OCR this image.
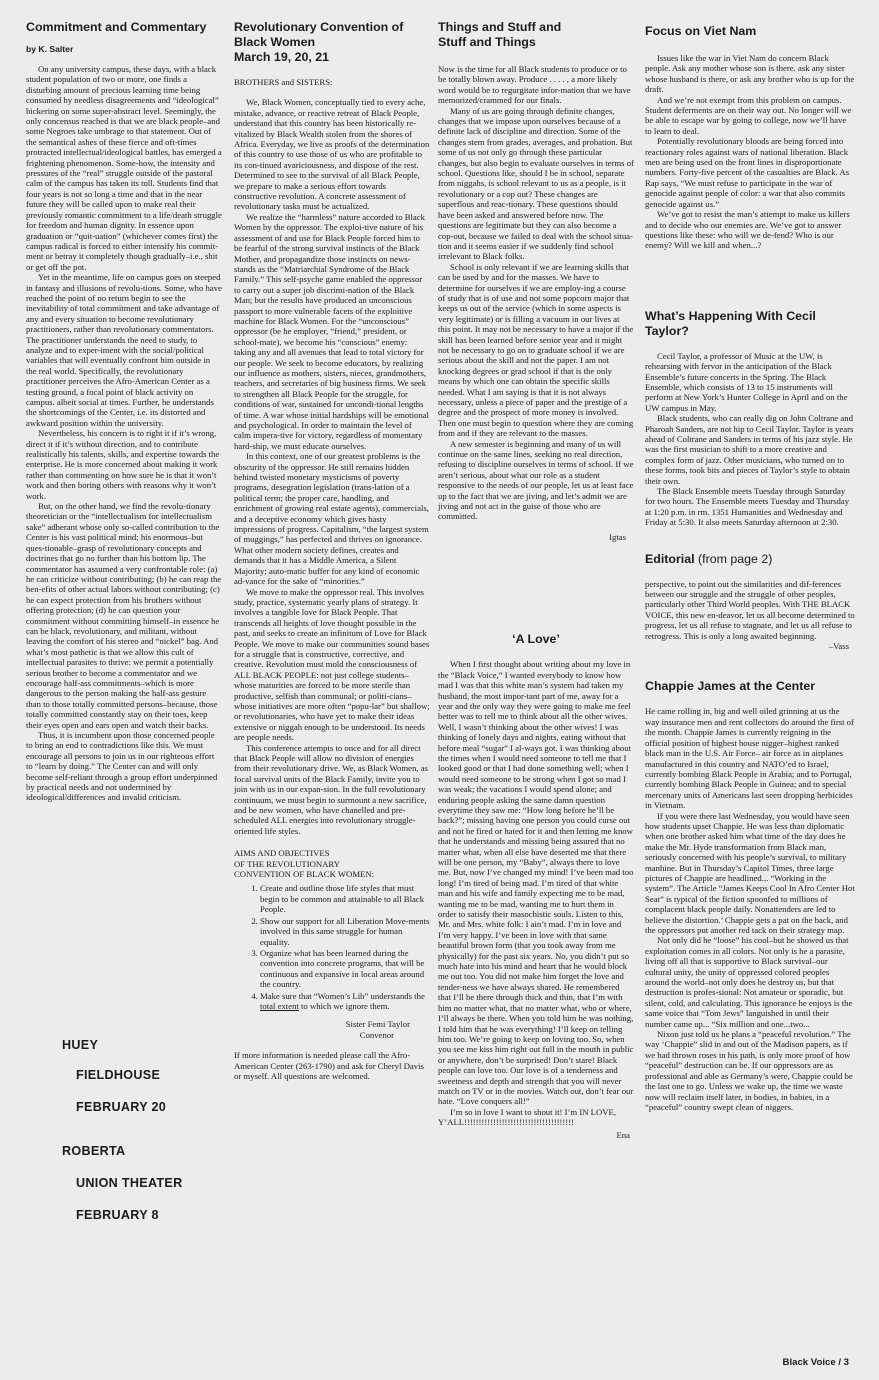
Commitment and Commentary

by K. Salter

On any university campus, these days, with a black student population of two or more, one finds a disturbing amount of precious learning time being consumed by needless disagreements and “ideological” bickering on some super-abstract level. Seemingly, the only concensus reached is that we are black people–and some Negroes take umbrage to that statement. Out of the semantical ashes of these fierce and oft-times protracted intellectual/ideological battles, has emerged a frightening phenomenon. Some-how, the intensity and pressures of the “real” struggle outside of the pastoral calm of the campus has taken its toll. Students find that four years is not so long a time and that in the near future they will be called upon to make real their previously romantic commitment to a life/death struggle for freedom and human dignity. In essence upon graduation or “quit-uation” (whichever comes first) the campus radical is forced to either intensify his commit-ment or betray it completely though gradually–i.e., shit or get off the pot.

Yet in the meantime, life on campus goes on steeped in fantasy and illusions of revolu-tions. Some, who have reached the point of no return begin to see the inevitability of total commitment and take advantage of any and every situation to become revolutionary practitioners, rather than revolutionary commentators. The practitioner understands the need to study, to analyze and to exper-iment with the social/political variables that will eventually confront him outside in the real world. Specifically, the revolutionary practitioner perceives the Afro-American Center as a testing ground, a focal point of black activity on campus. albeit social at times. Further, he understands the shortcomings of the Center, i.e. its distorted and awkward position within the university.

Nevertheless, his concern is to right it if it’s wrong, direct it if it’s without direction, and to contribute realistically his talents, skills, and expertise towards the enterprise. He is more concerned about making it work rather than commenting on how sure he is that it won’t work and then boring others with reasons why it won’t work.

But, on the other hand, we find the revolu-tionary theoretician or the “intellectualism for intellectualism sake” adherant whose only so-called contribution to the Center is his vast political mind; his enormous–but ques-tionable–grasp of revolutionary concepts and doctrines that go no further than his bottom lip. The commentator has assumed a very confrontable role: (a) he can criticize without contributing; (b) he can reap the ben-efits of other actual labors without contributing; (c) he can expect protection from his brothers without offering protection; (d) he can question your commitment without committing himself–in essence he can be black, revolutionary, and militant, without leaving the comfort of his stereo and “nickel” bag. And what’s most pathetic is that we allow this cult of intellectual parasites to thrive: we permit a potentially serious brother to become a commentator and we encourage half-ass commitments–which is more dangerous to the person making the half-ass gesture than to those totally committed persons–because, those totally committed constantly stay on their toes, keep their eyes open and ears open and watch their backs.

Thus, it is incumbent upon those concerned people to bring an end to contradictions like this. We must encourage all persons to join us in our righteous effort to “learn by doing.” The Center can and will only become self-reliant through a group effort underpinned by practical needs and not undermined by ideological/differences and invalid criticism.

HUEY

FIELDHOUSE

FEBRUARY 20

ROBERTA

UNION THEATER

FEBRUARY 8

Revolutionary Convention of
Black Women
March 19, 20, 21

BROTHERS and SISTERS:

We, Black Women, conceptually tied to every ache, mistake, advance, or reactive retreat of Black People, understand that this country has been historically re-vitalized by Black Wealth stolen from the shores of Africa. Everyday, we live as proofs of the determination of this country to use those of us who are profitable to its con-tinued avariciousness, and dispose of the rest. Determined to see to the survival of all Black People, we prepare to make a serious effort towards constructive revolution. A concrete assessment of revolutionary tasks must be actualized.

We realize the “harmless” nature accorded to Black Women by the oppressor. The exploi-tive nature of his assessment of and use for Black People forced him to be fearful of the strong survival instincts of the Black Mother, and propagandize those instincts on news-stands as the “Matriarchial Syndrome of the Black Family.” This self-psyche game enabled the oppressor to carry out a super job discrimi-nation of the Black Man; but the results have produced an unconscious passport to more vulnerable facets of the exploitive machine for Black Women. For the “unconscious” oppressor (be he employer, “friend,” president, or school-mate), we become his “conscious” enemy: taking any and all avenues that lead to total victory for our people. We seek to become educators, by realizing our influence as mothers, sisters, nieces, grandmothers, teachers, and secretaries of big business firms. We seek to strengthen all Black People for the struggle, for conditions of war, sustained for uncondi-tional lengths of time. A war whose initial hardships will be emotional and psychological. In order to maintain the level of calm impera-tive for victory, regardless of momentary hard-ship, we must educate ourselves.

In this context, one of our greatest problems is the obscurity of the oppressor. He still remains hidden behind twisted monetary mysticisms of poverty programs, desegration legislation (trans-lation of a political term; the proper care, handling, and enrichment of growing real estate agents), commercials, and a deceptive economy which gives hasty impressions of progress. Capitalism, “the largest system of muggings,” has perfected and thrives on ignorance. What other modern society defines, creates and demands that it has a Middle America, a Silent Majority; auto-matic buffer for any kind of economic ad-vance for the sake of “minorities.”

We move to make the oppressor real. This involves study, practice, systematic yearly plans of strategy. It involves a tangible love for Black People. That transcends all heights of love thought possible in the past, and seeks to create an infinitum of Love for Black People. We move to make our communities sound bases for a struggle that is constructive, corrective, and creative. Revolution must mold the consciousness of ALL BLACK PEOPLE: not just college students–whose maturities are forced to be more sterile than productive, selfish than communal; or politi-cians–whose initiatives are more often “popu-lar” but shallow; or revolutionaries, who have yet to make their ideas extensive or niggah enough to be understood. Its needs are people needs.

This conference attempts to once and for all direct that Black People will allow no division of energies from their revolutionary drive. We, as Black Women, as focal survival units of the Black Family, invite you to join with us in our expan-sion. In the full revolutionary continuum, we must begin to surmount a new sacrifice, and be new women, who have chanelled and pre-scheduled ALL energies into revolutionary struggle-oriented life styles.

AIMS AND OBJECTIVES
OF THE REVOLUTIONARY
CONVENTION OF BLACK WOMEN:

1. Create and outline those life styles that must begin to be common and attainable to all Black People.
2. Show our support for all Liberation Move-ments involved in this same struggle for human equality.
3. Organize what has been learned during the convention into concrete programs, that will be continuous and expansive in local areas around the country.
4. Make sure that “Women’s Lib” understands the total extent to which we ignore them.

Sister Femi Taylor

Convenor

If more information is needed please call the Afro-American Center (263-1790) and ask for Cheryl Davis or myself. All questions are welcomed.

Things and Stuff and
Stuff and Things

Now is the time for all Black students to produce or to be totally blown away. Produce . . . . , a more likely word would be to regurgitate infor-mation that we have memorized/crammed for our finals.

Many of us are going through definite changes, changes that we impose upon ourselves because of a definite lack of discipline and direction. Some of the changes stem from grades, averages, and probation. But some of us not only go through these particular changes, but also begin to evaluate ourselves in terms of school. Questions like, should I be in school, separate from niggahs, is school relevant to us as a people, is it revolutionary or a cop out? These changes are superflous and reac-tionary. These questions should have been asked and answered before now. The questions are legitimate but they can also become a cop-out, because we failed to deal with the school situa-tion and it seems easier if we suddenly find school irrelevant to Black folks.

School is only relevant if we are learning skills that can be used by and for the masses. We have to determine for ourselves if we are employ-ing a course of study that is of use and not some popcorn major that keeps us out of the service (which in some aspects is very legitimate) or is filling a vacuum in our lives at this point. It may not be necessary to have a major if the skill has been learned before senior year and it might not be necessary to go on to graduate school if we are serious about the skill and not the paper. I am not knocking degrees or grad school if that is the only means by which one can obtain the specific skills needed. What I am saying is that it is not always necessary, unless a piece of paper and the prestige of a degree and the prospect of more money is involved. Then one must begin to question where they are coming from and if they are relevant to the masses.

A new semester is beginning and many of us will continue on the same lines, seeking no real direction, refusing to discipline ourselves in terms of school. If we aren’t serious, about what our role as a student responsive to the needs of our people, let us at least face up to the fact that we are jiving, and let’s admit we are jiving and not act in the guise of those who are committed.

Igtas

‘A Love’

When I first thought about writing about my love in the “Black Voice,” I wanted everybody to know how mad I was that this white man’s system had taken my husband, the most impor-tant part of me, away for a year and the only way they were going to make me feel better was to tell me to think about all the other wives. Well, I wasn’t thinking about the other wives! I was thinking of lonely days and nights, eating without that before meal “sugar” I al-ways got. I was thinking about the times when I would need someone to tell me that I looked good or that I had done something well; when I would need someone to be strong when I got so mad I was weak; the vacations I would spend alone; and enduring people asking the same damn question everytime they saw me: “How long before he’ll be back?”; missing having one person you could curse out and not be fired or hated for it and then letting me know that he understands and missing being assured that no matter what, when all else have deserted me that there will be one person, my “Baby”, always there to love me. But, now I’ve changed my mind! I’ve been mad too long! I’m tired of being mad. I’m tired of that white man and his wife and family expecting me to be mad, wanting me to be mad, wanting me to hurt them in order to satisfy their masochistic souls. Listen to this, Mr. and Mrs. white folk: I ain’t mad. I’m in love and I’m very happy. I’ve been in love with that same beautiful brown form (that you took away from me physically) for the past six years. No, you didn’t put so much hate into his mind and heart that he would block me out too. You did not make him forget the love and tender-ness we have always shared. He remembered that I’ll be there through thick and thin, that I’m with him no matter what, that no matter what, who or where, I’ll always be there. When you told him he was nothing, I told him that he was everything! I’ll keep on telling him too. We’re going to keep on loving too. So, when you see me kiss him right out full in the mouth in public or anywhere, don’t be surprised! Don’t stare! Black people can love too. Our love is of a tenderness and sweetness and depth and strength that you will never match on TV or in the movies. Watch out, don’t fear our hate. “Love conquers all!”

I’m so in love I want to shout it! I’m IN LOVE, Y’ALL!!!!!!!!!!!!!!!!!!!!!!!!!!!!!!!!!!!!!!

Ena

Focus on Viet Nam

Issues like the war in Viet Nam do concern Black people. Ask any mother whose son is there. ask any sister whose husband is there, or ask any brother who is up for the draft.

And we’re not exempt from this problem on campus. Student deferments are on their way out. No longer will we be able to escape war by going to college, now we’ll have to learn to deal.

Potentially revolutionary bloods are being forced into reactionary roles against wars of national liberation. Black men are being used on the front lines in disproportionate numbers. Forty-five percent of the casualties are Black. As Rap says, “We must refuse to participate in the war of genocide against people of color: a war that also commits genocide against us.”

We’ve got to resist the man’s attempt to make us killers and to decide who our enemies are. We’ve got to answer questions like these: who will we de-fend? Who is our enemy? Will we kill and when...?

What’s Happening With Cecil Taylor?

Cecil Taylor, a professor of Music at the UW, is rehearsing with fervor in the anticipation of the Black Ensemble’s future concerts in the Spring. The Black Ensemble, which consists of 13 to 15 instruments will perform at New York’s Hunter College in April and on the UW campus in May.

Black students, who can really dig on John Coltrane and Pharoah Sanders, are not hip to Cecil Taylor. Taylor is years ahead of Coltrane and Sanders in terms of his jazz style. He was the first musician to shift to a more creative and complex form of jazz. Other musicians, who turned on to these forms, took bits and pieces of Taylor’s style to obtain their own.

The Black Ensemble meets Tuesday through Saturday for two hours. The Ensemble meets Tuesday and Thursday at 1:20 p.m. in rm. 1351 Humanities and Wednesday and Friday at 5:30. It also meets Saturday afternoon at 2:30.

Editorial (from page 2)

perspective, to point out the similarities and dif-ferences between our struggle and the struggle of other peoples, particularly other Third World peoples. With THE BLACK VOICE, this new en-deavor, let us all become determined to progress, let us all refuse to stagnate, and let us all refuse to retrogress. This is only a long awaited beginning.

–Vass

Chappie James at the Center

He came rolling in, big and well oiled grinning at us the way insurance men and rent collectors do around the first of the month. Chappie James is currently reigning in the official position of highest house nigger–highest ranked black man in the U.S. Air Force– air force as in airplanes manufactured in this country and NATO’ed to Israel, currently bombing Black People in Arabia; and to Portugal, currently bombing Black People in Guinea; and to special mercenary units of Americans last seen dropping herbicides in Vietnam.

If you were there last Wednesday, you would have seen how students upset Chappie. He was less than diplomatic when one brother asked him what time of the day does he make the Mr. Hyde transformation from Black man, seriously concerned with his people’s survival, to military manhine. But in Thursday’s Capitol Times, three large pictures of Chappie are headlined... “Working in the system”. The Article “James Keeps Cool In Afro Center Hot Seat” is typical of the fiction spoonfed to millions of complacent black people daily. Nonattenders are led to believe the distortion.’ Chappie gets a pat on the back, and the oppressors put another red tack on their strategy map.

Not only did he “loose” his cool–but he showed us that exploitation comes in all colors. Not only is he a parasite, living off all that is supportive to Black survival–our cultural unity, the unity of oppressed colored peoples around the world–not only does he destroy us, but that destruction is profes-sional: Not amateur or sporadic, but silent, cold, and calculating. This ignorance he enjoys is the same voice that “Tom Jews” languished in until their number came up... “Six million and one...two...

Nixon just told us he plans a “peaceful revolution.” The way ‘Chappie” slid in and out of the Madison papers, as if we had thrown roses in his path, is only more proof of how “peaceful” destruction can be. If our oppressors are as professional and able as Germany’s were, Chappie could be the last one to go. Unless we wake up, the time we waste now will reclaim itself later, in bodies, in babies, in a “peaceful” country swept clean of niggers.

Black Voice / 3
